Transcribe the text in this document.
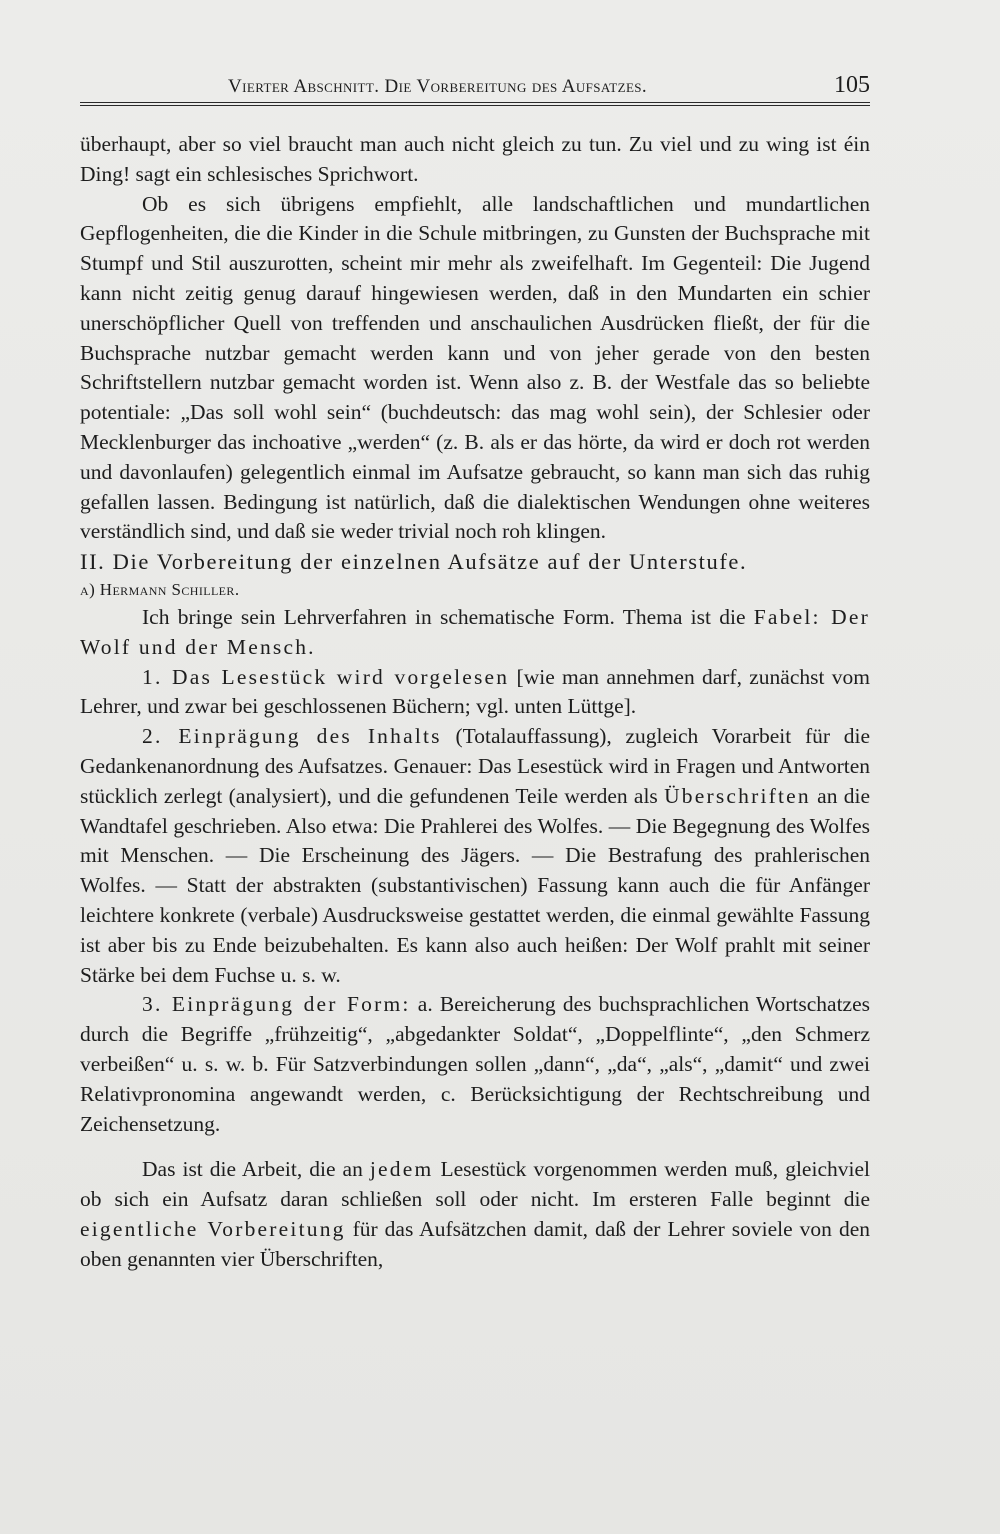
Vierter Abschnitt. Die Vorbereitung des Aufsatzes.	105

überhaupt, aber so viel braucht man auch nicht gleich zu tun. Zu viel und zu wing ist éin Ding! sagt ein schlesisches Sprichwort.

Ob es sich übrigens empfiehlt, alle landschaftlichen und mundartlichen Gepflogenheiten, die die Kinder in die Schule mitbringen, zu Gunsten der Buchsprache mit Stumpf und Stil auszurotten, scheint mir mehr als zweifelhaft. Im Gegenteil: Die Jugend kann nicht zeitig genug darauf hingewiesen werden, daß in den Mundarten ein schier unerschöpflicher Quell von treffenden und anschaulichen Ausdrücken fließt, der für die Buchsprache nutzbar gemacht werden kann und von jeher gerade von den besten Schriftstellern nutzbar gemacht worden ist. Wenn also z. B. der Westfale das so beliebte potentiale: „Das soll wohl sein“ (buchdeutsch: das mag wohl sein), der Schlesier oder Mecklenburger das inchoative „werden“ (z. B. als er das hörte, da wird er doch rot werden und davonlaufen) gelegentlich einmal im Aufsatze gebraucht, so kann man sich das ruhig gefallen lassen. Bedingung ist natürlich, daß die dialektischen Wendungen ohne weiteres verständlich sind, und daß sie weder trivial noch roh klingen.

II. Die Vorbereitung der einzelnen Aufsätze auf der Unterstufe.

a) Hermann Schiller.

Ich bringe sein Lehrverfahren in schematische Form. Thema ist die Fabel: Der Wolf und der Mensch.

1. Das Lesestück wird vorgelesen [wie man annehmen darf, zunächst vom Lehrer, und zwar bei geschlossenen Büchern; vgl. unten Lüttge].

2. Einprägung des Inhalts (Totalauffassung), zugleich Vorarbeit für die Gedankenanordnung des Aufsatzes. Genauer: Das Lesestück wird in Fragen und Antworten stücklich zerlegt (analysiert), und die gefundenen Teile werden als Überschriften an die Wandtafel geschrieben. Also etwa: Die Prahlerei des Wolfes. — Die Begegnung des Wolfes mit Menschen. — Die Erscheinung des Jägers. — Die Bestrafung des prahlerischen Wolfes. — Statt der abstrakten (substantivischen) Fassung kann auch die für Anfänger leichtere konkrete (verbale) Ausdrucksweise gestattet werden, die einmal gewählte Fassung ist aber bis zu Ende beizubehalten. Es kann also auch heißen: Der Wolf prahlt mit seiner Stärke bei dem Fuchse u. s. w.

3. Einprägung der Form: a. Bereicherung des buchsprachlichen Wortschatzes durch die Begriffe „frühzeitig“, „abgedankter Soldat“, „Doppelflinte“, „den Schmerz verbeißen“ u. s. w. b. Für Satzverbindungen sollen „dann“, „da“, „als“, „damit“ und zwei Relativpronomina angewandt werden, c. Berücksichtigung der Rechtschreibung und Zeichensetzung.

Das ist die Arbeit, die an jedem Lesestück vorgenommen werden muß, gleichviel ob sich ein Aufsatz daran schließen soll oder nicht. Im ersteren Falle beginnt die eigentliche Vorbereitung für das Aufsätzchen damit, daß der Lehrer soviele von den oben genannten vier Überschriften,
